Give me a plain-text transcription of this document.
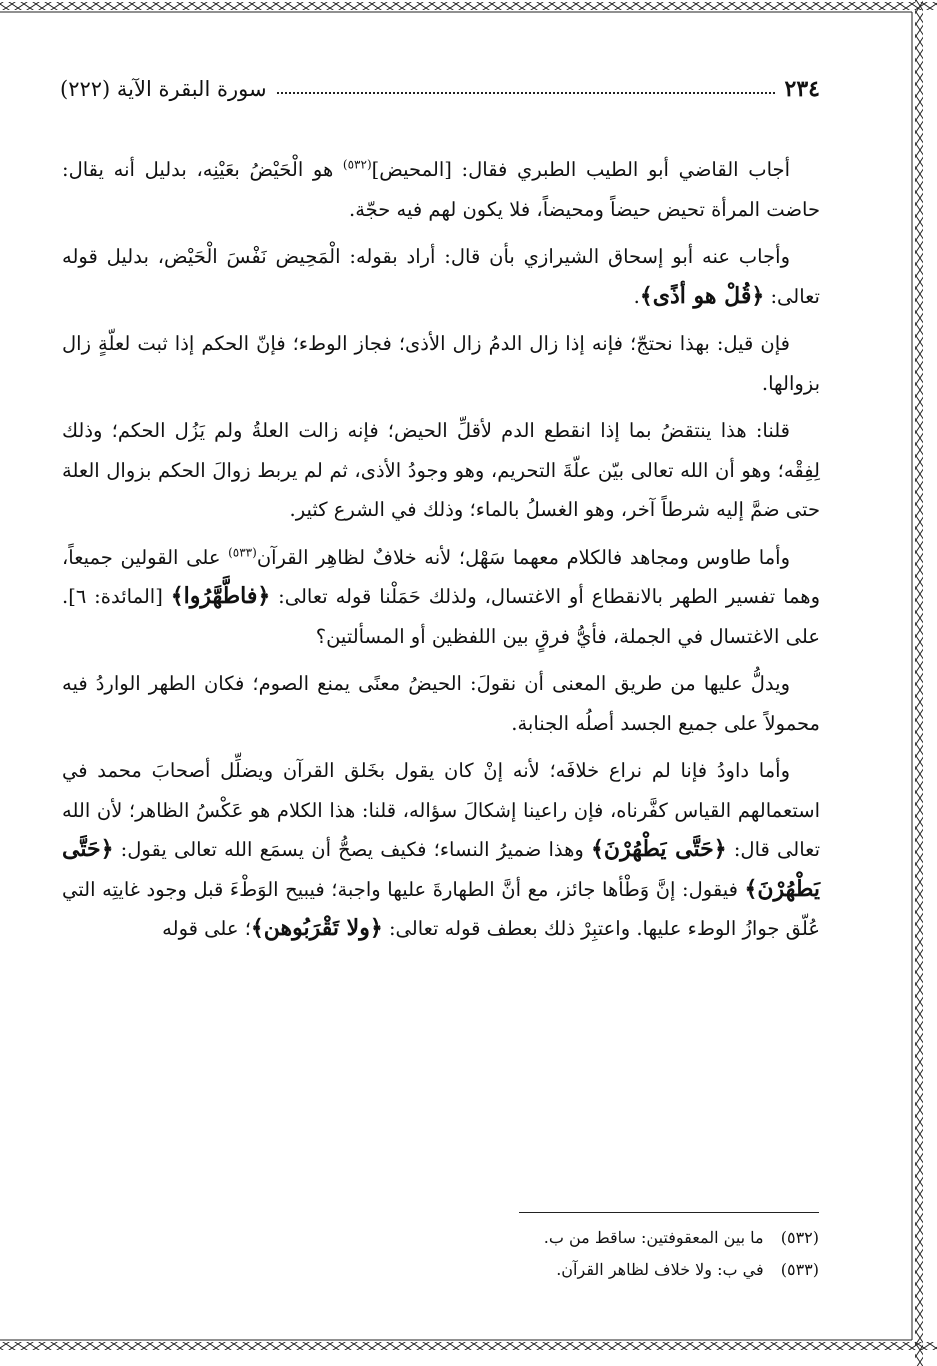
٢٣٤
سورة البقرة الآية (٢٢٢)

أجاب القاضي أبو الطيب الطبري فقال: [المحيض]$^{(٥٣٢)}$ هو الْحَيْضُ بعَيْنِه، بدليل أنه يقال: حاضت المرأة تحيض حيضاً ومحيضاً، فلا يكون لهم فيه حجّة.

وأجاب عنه أبو إسحاق الشيرازي بأن قال: أراد بقوله: الْمَحِيض نَفْسَ الْحَيْض، بدليل قوله تعالى: ﴿قُلْ هو أذًى﴾.

فإن قيل: بهذا نحتجّ؛ فإنه إذا زال الدمُ زال الأذى؛ فجاز الوطء؛ فإنّ الحكم إذا ثبت لعلّةٍ زال بزوالها.

قلنا: هذا ينتقضُ بما إذا انقطع الدم لأقلِّ الحيض؛ فإنه زالت العلةُ ولم يَزُل الحكم؛ وذلك لِفِقْه؛ وهو أن الله تعالى بيّن علّةَ التحريم، وهو وجودُ الأذى، ثم لم يربط زوالَ الحكم بزوال العلة حتى ضمَّ إليه شرطاً آخر، وهو الغسلُ بالماء؛ وذلك في الشرع كثير.

وأما طاوس ومجاهد فالكلام معهما سَهْل؛ لأنه خلافٌ لظاهِر القرآن$^{(٥٣٣)}$ على القولين جميعاً، وهما تفسير الطهر بالانقطاع أو الاغتسال، ولذلك حَمَلْنا قوله تعالى: ﴿فاطَّهَّرُوا﴾ [المائدة: ٦]. على الاغتسال في الجملة، فأيُّ فرقٍ بين اللفظين أو المسألتين؟

ويدلُّ عليها من طريق المعنى أن نقولَ: الحيضُ معنًى يمنع الصوم؛ فكان الطهر الواردُ فيه محمولاً على جميع الجسد أصلُه الجنابة.

وأما داودُ فإنا لم نراع خلافَه؛ لأنه إنْ كان يقول بخَلق القرآن ويضلِّل أصحابَ محمد في استعمالهم القياس كفَّرناه، فإن راعينا إشكالَ سؤاله، قلنا: هذا الكلام هو عَكْسُ الظاهر؛ لأن الله تعالى قال: ﴿حَتَّى يَطْهُرْنَ﴾ وهذا ضميرُ النساء؛ فكيف يصحُّ أن يسمَع الله تعالى يقول: ﴿حَتَّى يَطْهُرْنَ﴾ فيقول: إنَّ وَطْأها جائز، مع أنَّ الطهارةَ عليها واجبة؛ فيبيح الوَطْءَ قبل وجود غايتِه التي عُلّق جوازُ الوطء عليها. واعتبِرْ ذلك بعطف قوله تعالى: ﴿ولا تَقْرَبُوهن﴾؛ على قوله

(٥٣٢) ما بين المعقوفتين: ساقط من ب.
(٥٣٣) في ب: ولا خلاف لظاهر القرآن.
